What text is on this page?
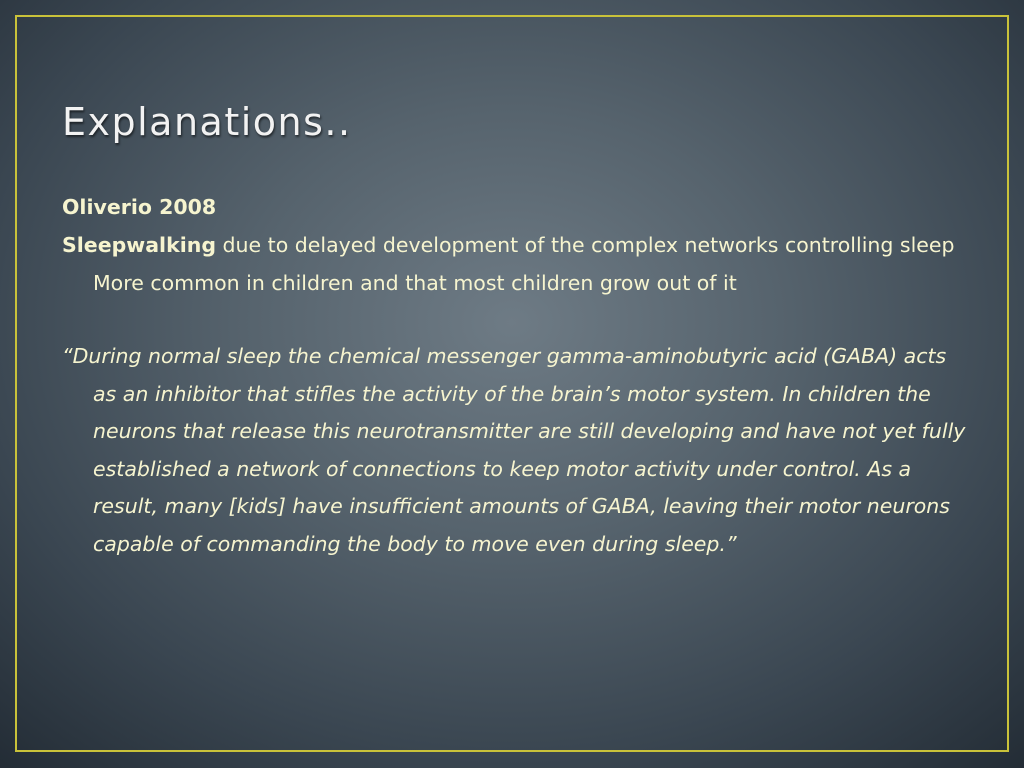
Explanations..

Oliverio 2008

Sleepwalking due to delayed development of the complex networks controlling sleep

More common in children and that most children grow out of it

“During normal sleep the chemical messenger gamma-aminobutyric acid (GABA) acts as an inhibitor that stifles the activity of the brain’s motor system. In children the neurons that release this neurotransmitter are still developing and have not yet fully established a network of connections to keep motor activity under control. As a result, many [kids] have insufficient amounts of GABA, leaving their motor neurons capable of commanding the body to move even during sleep.”
